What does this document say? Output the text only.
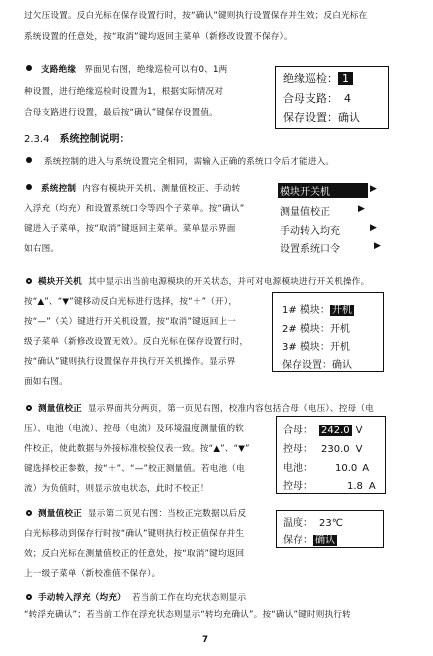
过欠压设置。反白光标在保存设置行时，按“确认”键则执行设置保存并生效；反白光标在
系统设置的任意处，按“取消”键均返回主菜单（新修改设置不保存）。
支路绝缘 界面见右图，绝缘巡检可以有0、1两
种设置，进行绝缘巡检时设置为1，根据实际情况对
合母支路进行设置，最后按“确认”键保存设置值。
绝缘巡检： 1
合母支路： 4
保存设置：确认
2.3.4 系统控制说明：
系统控制的进入与系统设置完全相同，需输入正确的系统口令后才能进入。
系统控制 内容有模块开关机、测量值校正、手动转
入浮充（均充）和设置系统口令等四个子菜单。按“确认”
键进入子菜单，按“取消”键返回主菜单。菜单显示界面
如右图。
模块开关机	▶
测量值校正	▶
手动转入均充	▶
设置系统口令	▶
模块开关机 其中显示出当前电源模块的开关状态，并可对电源模块进行开关机操作。
按“▲”、“▼”键移动反白光标进行选择，按“＋”（开），
按“—”（关）键进行开关机设置，按“取消”键返回上一
级子菜单（新修改设置无效）。反白光标在保存设置行时，
按“确认”键则执行设置保存并执行开关机操作。显示界
面如右图。
1# 模块： 开机
2# 模块：开机
3# 模块：开机
保存设置：确认
测量值校正 显示界面共分两页，第一页见右图，校准内容包括合母（电压）、控母（电
压）、电池（电流）、控母（电流）及环境温度测量值的软
件校正，使此数据与外接标准校验仪表一致。按“▲”、“▼”
键选择校正参数，按“＋”、“—”校正测量值。若电池（电
流）为负值时，则显示放电状态，此时不校正！
合母： 242.0 V
控母： 230.0 V
电池： 10.0 A
控母：	1.8 A
测量值校正 显示第二页见右图：当校正完数据以后反
白光标移动到保存行时按“确认”键则执行校正值保存并生
效；反白光标在测量值校正的任意处，按“取消”键均返回
上一级子菜单（新校准值不保存）。
温度： 23℃
保存： 确认
手动转入浮充（均充） 若当前工作在均充状态则显示
“转浮充确认”；若当前工作在浮充状态则显示“转均充确认”。按“确认”键时则执行转
7
